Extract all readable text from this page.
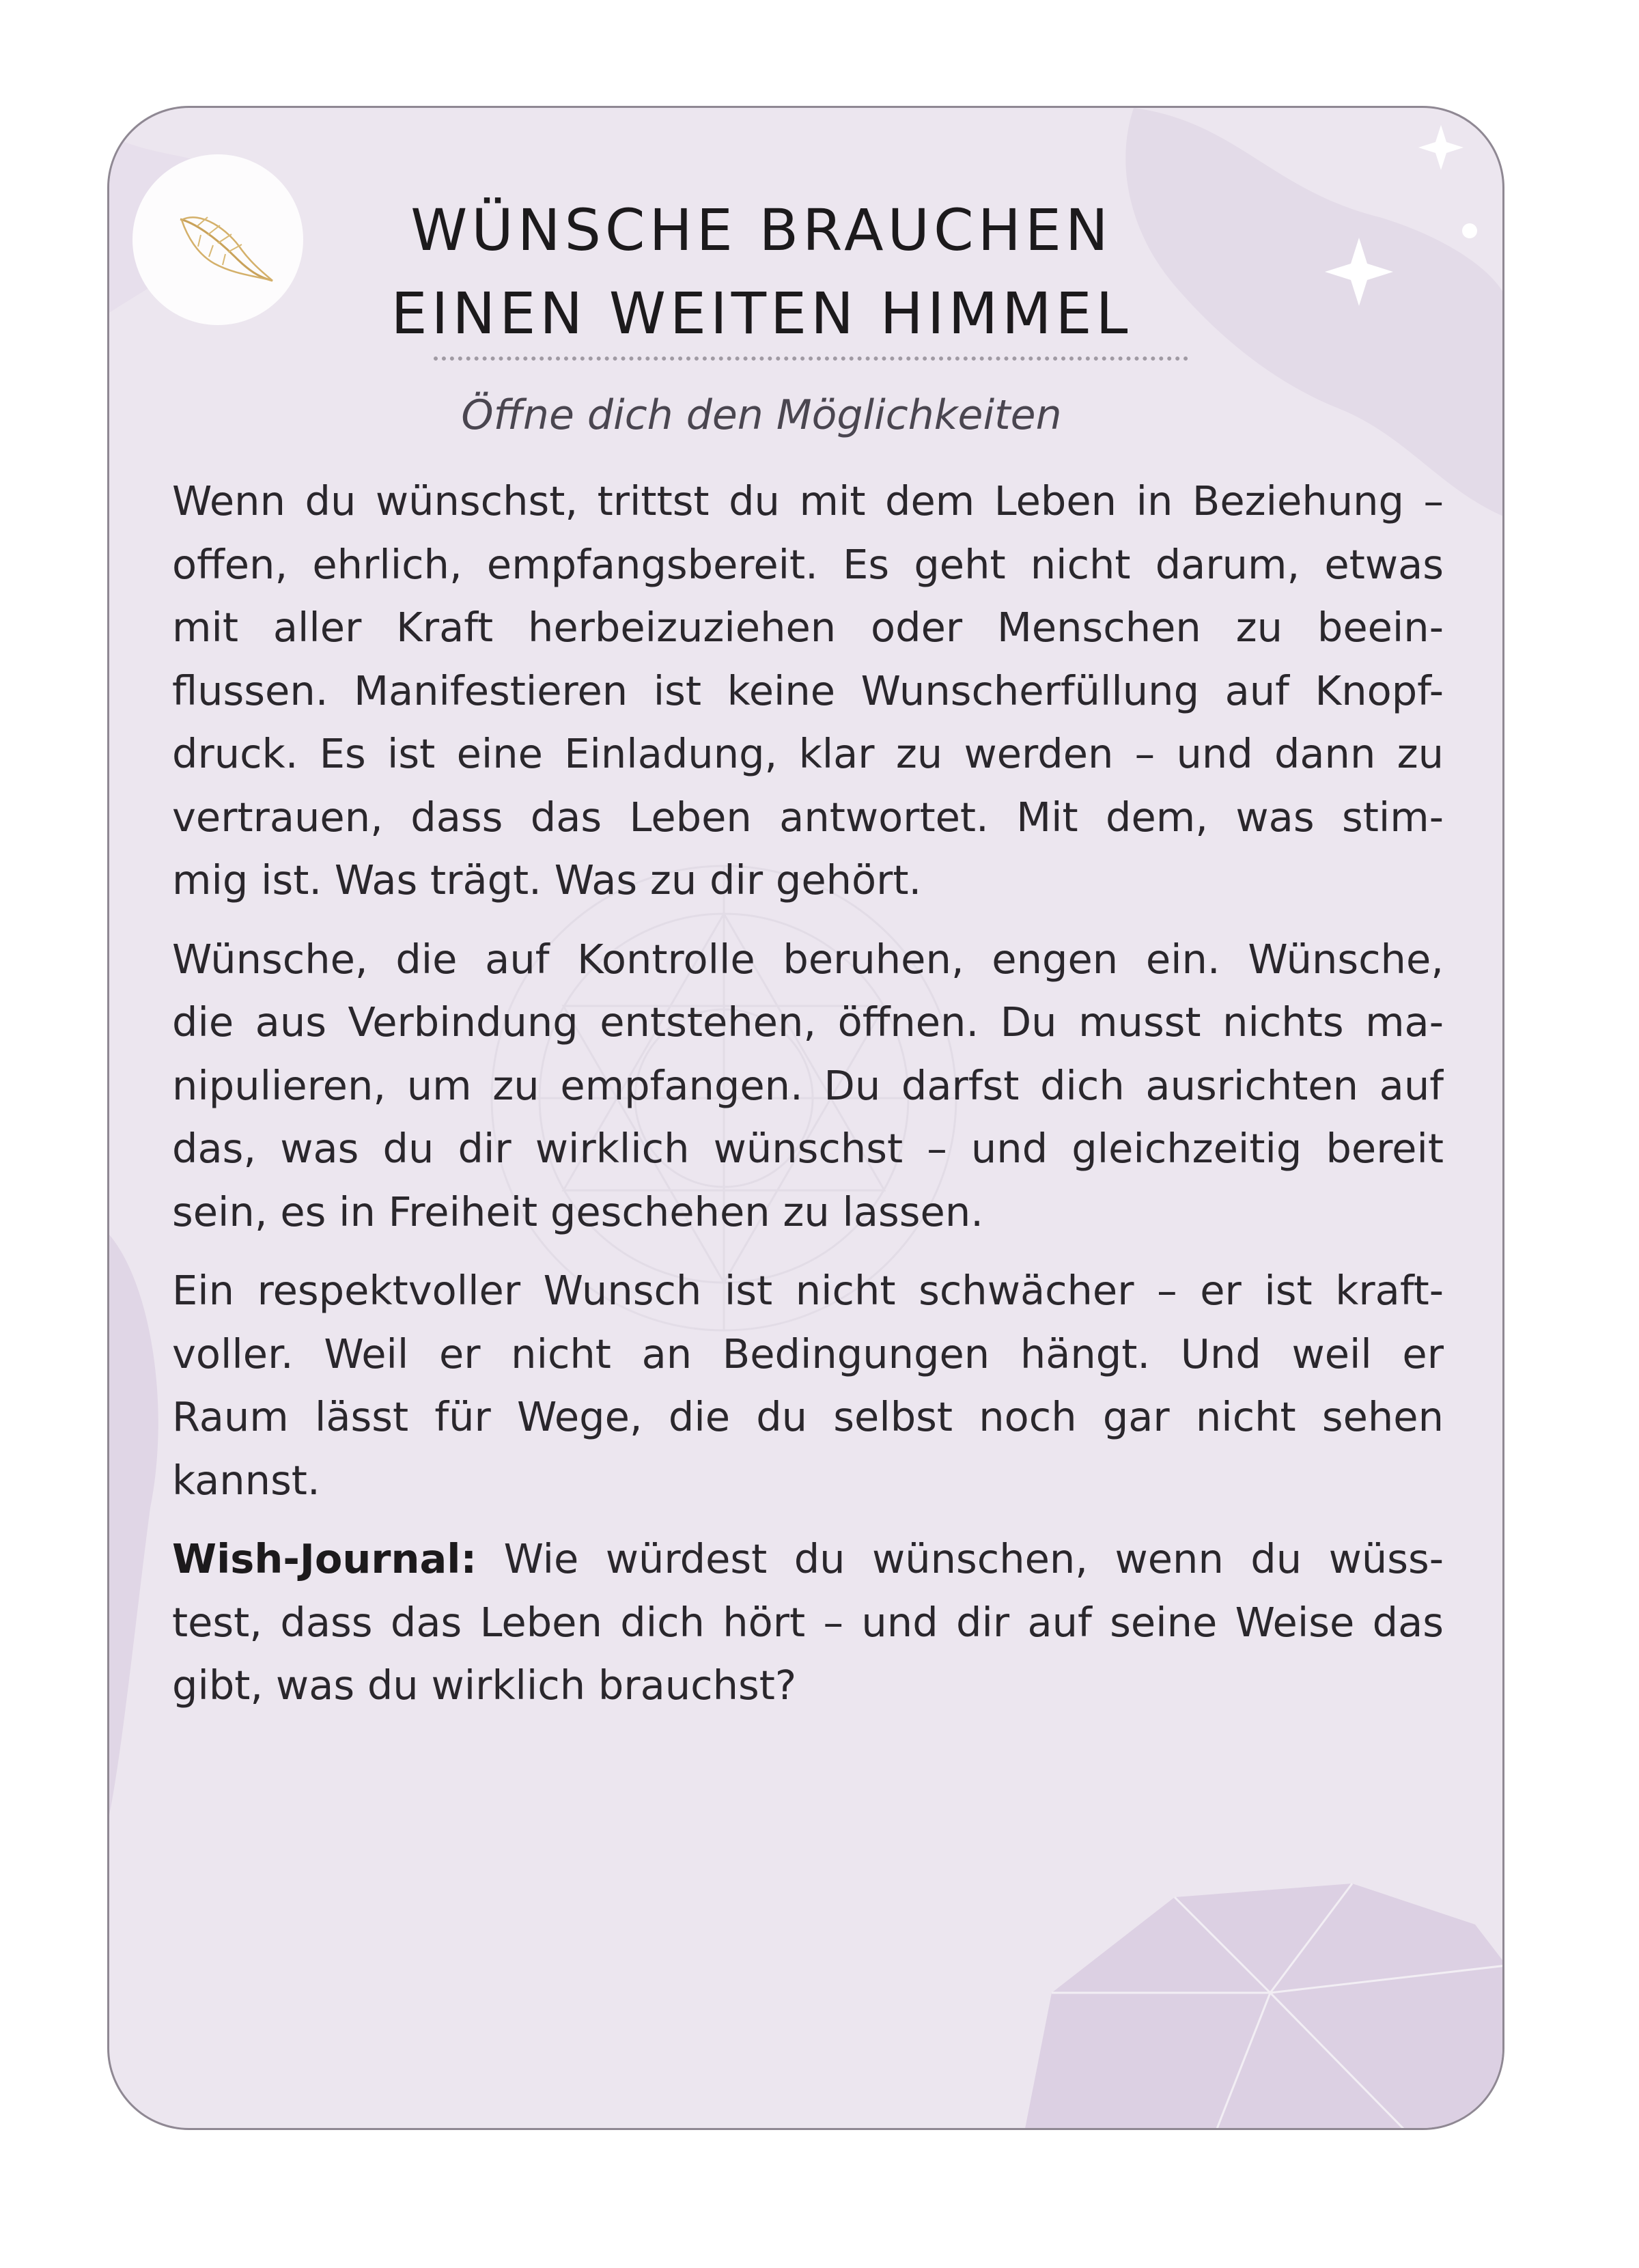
WÜNSCHE BRAUCHEN
EINEN WEITEN HIMMEL
Öffne dich den Möglichkeiten

Wenn du wünschst, trittst du mit dem Leben in Beziehung –
offen, ehrlich, empfangsbereit. Es geht nicht darum, etwas
mit aller Kraft herbeizuziehen oder Menschen zu beein-
flussen. Manifestieren ist keine Wunscherfüllung auf Knopf-
druck. Es ist eine Einladung, klar zu werden – und dann zu
vertrauen, dass das Leben antwortet. Mit dem, was stim-
mig ist. Was trägt. Was zu dir gehört.

Wünsche, die auf Kontrolle beruhen, engen ein. Wünsche,
die aus Verbindung entstehen, öffnen. Du musst nichts ma-
nipulieren, um zu empfangen. Du darfst dich ausrichten auf
das, was du dir wirklich wünschst – und gleichzeitig bereit
sein, es in Freiheit geschehen zu lassen.

Ein respektvoller Wunsch ist nicht schwächer – er ist kraft-
voller. Weil er nicht an Bedingungen hängt. Und weil er
Raum lässt für Wege, die du selbst noch gar nicht sehen
kannst.

Wish-Journal: Wie würdest du wünschen, wenn du wüss-
test, dass das Leben dich hört – und dir auf seine Weise das
gibt, was du wirklich brauchst?
